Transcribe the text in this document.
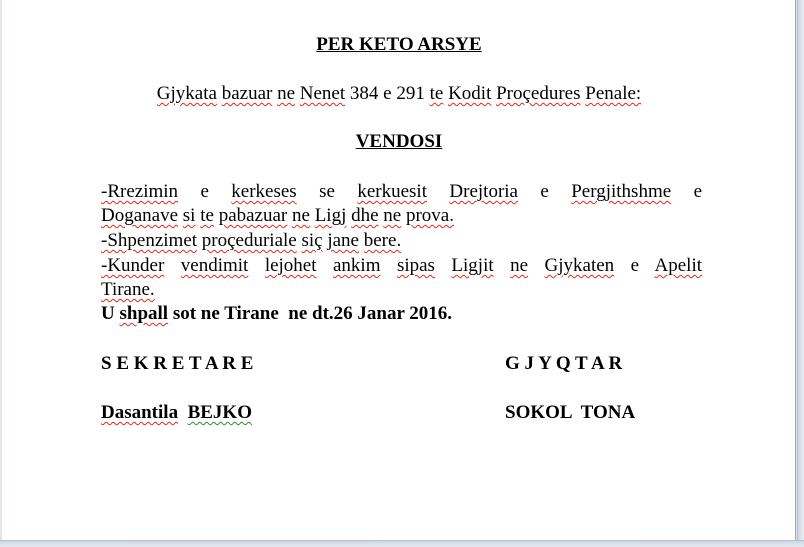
PER KETO ARSYE
Gjykata bazuar ne Nenet 384 e 291 te Kodit Proçedures Penale:
VENDOSI
-Rrezimin e kerkeses se kerkuesit Drejtoria e Pergjithshme e
Doganave si te pabazuar ne Ligj dhe ne prova.
-Shpenzimet proçeduriale siç jane bere.
-Kunder vendimit lejohet ankim sipas Ligjit ne Gjykaten e Apelit
Tirane.
U shpall sot ne Tirane  ne dt.26 Janar 2016.
S E K R E T A R E	G J Y Q T A R
Dasantila BEJKO	SOKOL  TONA
